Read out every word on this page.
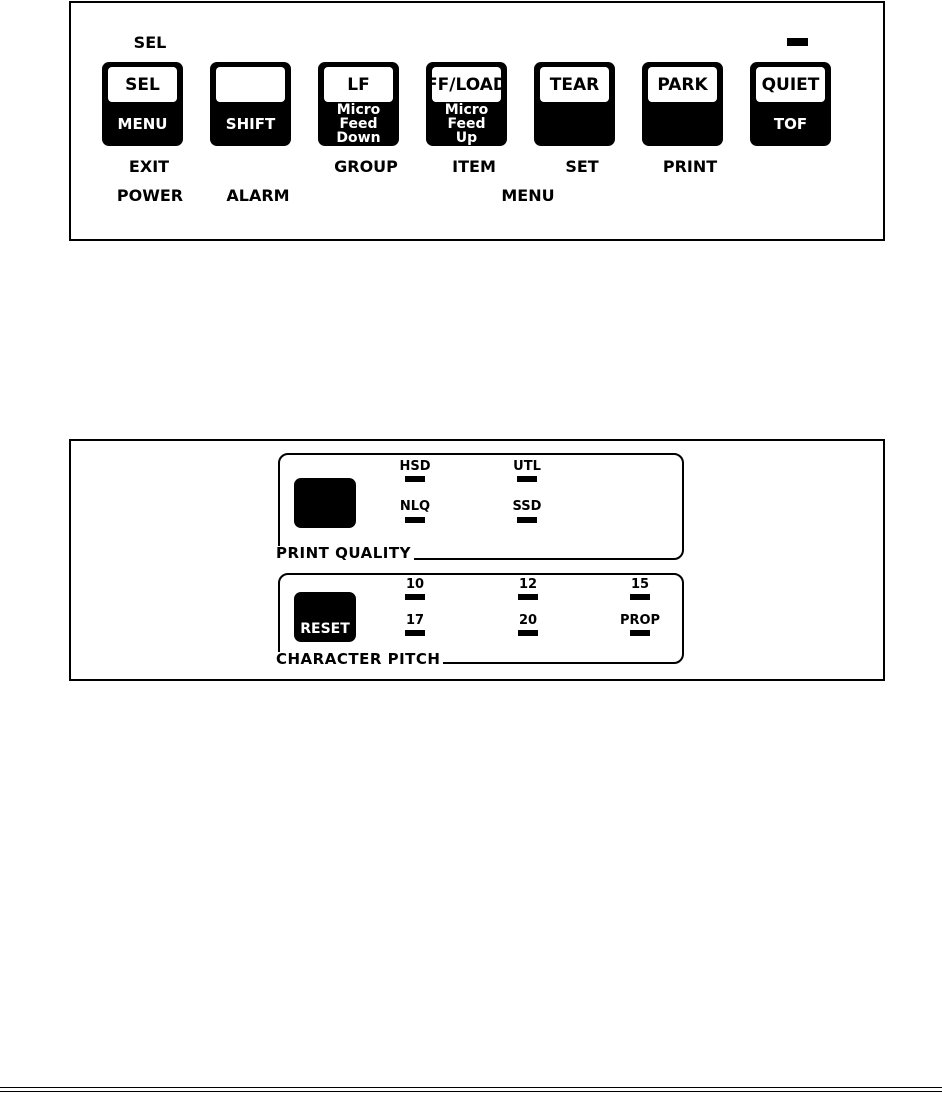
SEL
SEL
MENU	SHIFT
LF
Micro Feed
Down
FF/LOAD
Micro Feed
Up
TEAR	PARK	QUIET
TOF
EXIT	GROUP	ITEM	SET	PRINT
POWER	ALARM	MENU
HSD	UTL
NLQ	SSD
PRINT QUALITY
RESET
10	12	15
17	20	PROP
CHARACTER PITCH
